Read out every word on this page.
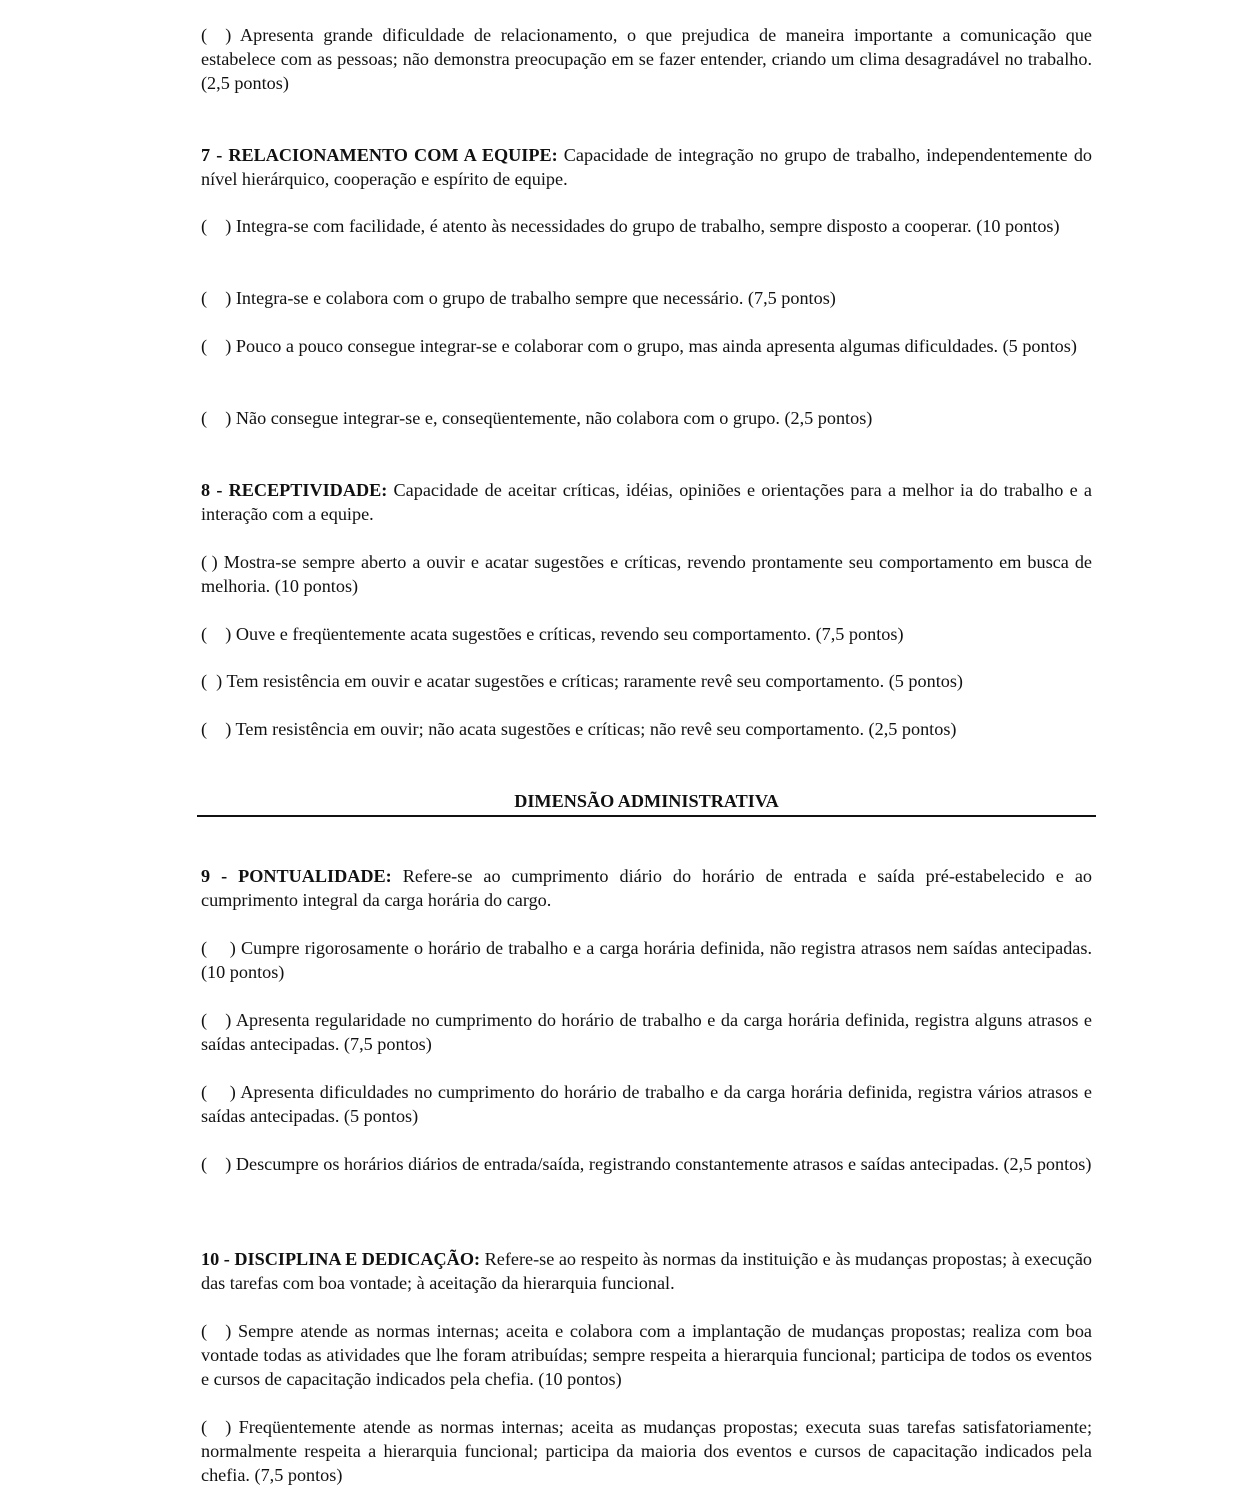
(    ) Apresenta grande dificuldade de relacionamento, o que prejudica de maneira importante a comunicação que estabelece com as pessoas; não demonstra preocupação em se fazer entender, criando um clima desagradável no trabalho. (2,5 pontos)

7 - RELACIONAMENTO COM A EQUIPE: Capacidade de integração no grupo de trabalho, independentemente do nível hierárquico, cooperação e espírito de equipe.

(    ) Integra-se com facilidade, é atento às necessidades do grupo de trabalho, sempre disposto a cooperar. (10 pontos)

(    ) Integra-se e colabora com o grupo de trabalho sempre que necessário. (7,5 pontos)

(    ) Pouco a pouco consegue integrar-se e colaborar com o grupo, mas ainda apresenta algumas dificuldades. (5 pontos)

(    ) Não consegue integrar-se e, conseqüentemente, não colabora com o grupo. (2,5 pontos)

8 - RECEPTIVIDADE: Capacidade de aceitar críticas, idéias, opiniões e orientações para a melhor ia do trabalho e a interação com a equipe.

( ) Mostra-se sempre aberto a ouvir e acatar sugestões e críticas, revendo prontamente seu comportamento em busca de melhoria. (10 pontos)

(    ) Ouve e freqüentemente acata sugestões e críticas, revendo seu comportamento. (7,5 pontos)

(  ) Tem resistência em ouvir e acatar sugestões e críticas; raramente revê seu comportamento. (5 pontos)

(    ) Tem resistência em ouvir; não acata sugestões e críticas; não revê seu comportamento. (2,5 pontos)

DIMENSÃO ADMINISTRATIVA

9 - PONTUALIDADE: Refere-se ao cumprimento diário do horário de entrada e saída pré-estabelecido e ao cumprimento integral da carga horária do cargo.

(     ) Cumpre rigorosamente o horário de trabalho e a carga horária definida, não registra atrasos nem saídas antecipadas. (10 pontos)

(    ) Apresenta regularidade no cumprimento do horário de trabalho e da carga horária definida, registra alguns atrasos e saídas antecipadas. (7,5 pontos)

(     ) Apresenta dificuldades no cumprimento do horário de trabalho e da carga horária definida, registra vários atrasos e saídas antecipadas. (5 pontos)

(    ) Descumpre os horários diários de entrada/saída, registrando constantemente atrasos e saídas antecipadas. (2,5 pontos)

10 - DISCIPLINA E DEDICAÇÃO: Refere-se ao respeito às normas da instituição e às mudanças propostas; à execução das tarefas com boa vontade; à aceitação da hierarquia funcional.

(    ) Sempre atende as normas internas; aceita e colabora com a implantação de mudanças propostas; realiza com boa vontade todas as atividades que lhe foram atribuídas; sempre respeita a hierarquia funcional; participa de todos os eventos e cursos de capacitação indicados pela chefia. (10 pontos)

(    ) Freqüentemente atende as normas internas; aceita as mudanças propostas; executa suas tarefas satisfatoriamente; normalmente respeita a hierarquia funcional; participa da maioria dos eventos e cursos de capacitação indicados pela chefia. (7,5 pontos)
